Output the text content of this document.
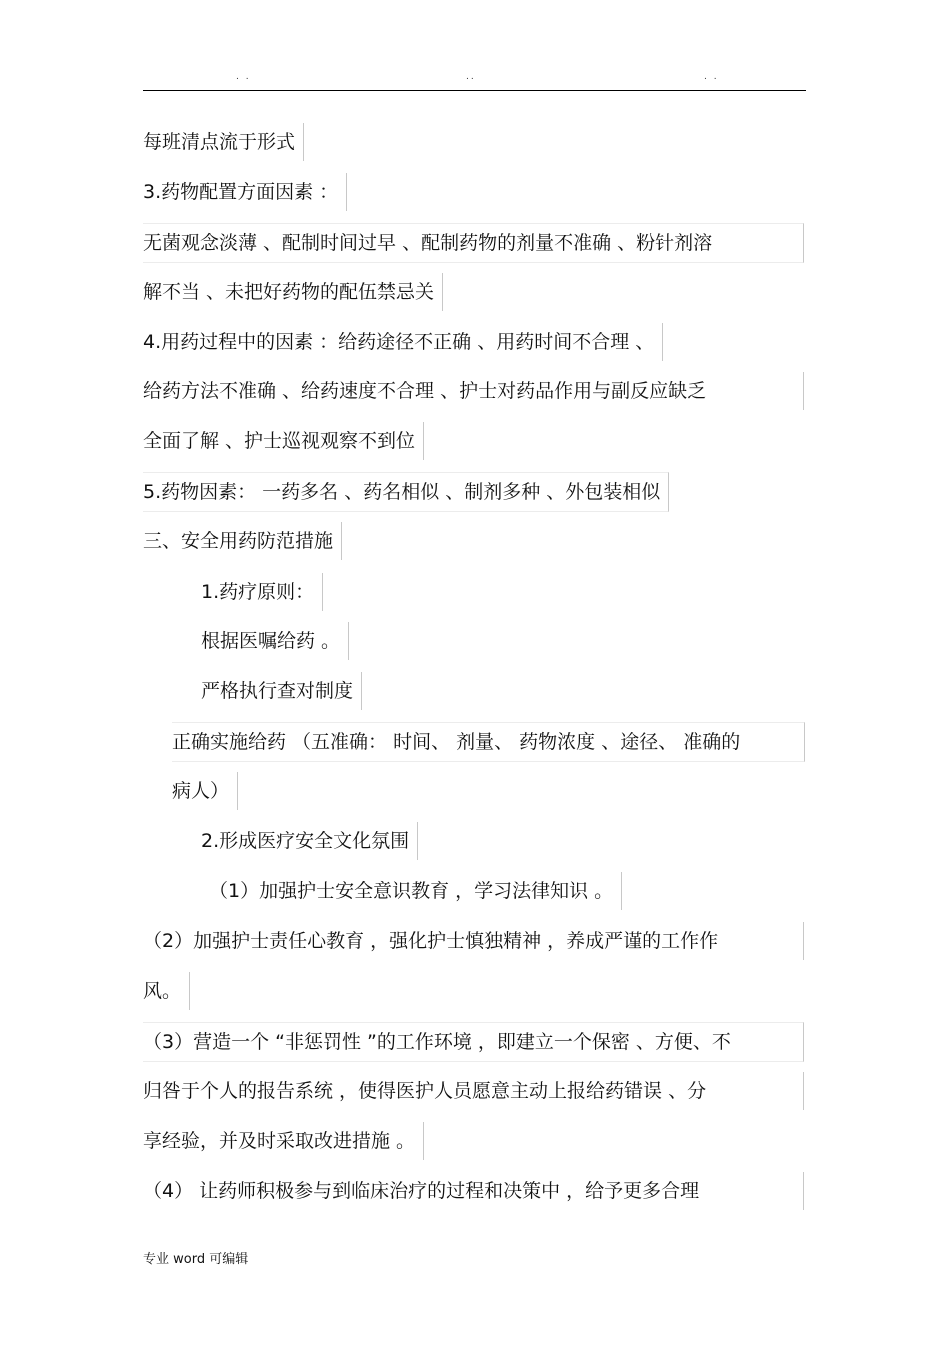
. .	..	. .
每班清点流于形式
3.药物配置方面因素 ：
无菌观念淡薄 、配制时间过早 、配制药物的剂量不准确 、粉针剂溶
解不当 、未把好药物的配伍禁忌关
4.用药过程中的因素 ：给药途径不正确 、用药时间不合理 、
给药方法不准确 、给药速度不合理 、护士对药品作用与副反应缺乏
全面了解 、护士巡视观察不到位
5.药物因素： 一药多名 、药名相似 、制剂多种 、外包装相似
三、安全用药防范措施
1.药疗原则：
根据医嘱给药 。
严格执行查对制度
正确实施给药 （五准确： 时间、 剂量、 药物浓度 、途径、 准确的
病人）
2.形成医疗安全文化氛围
（1）加强护士安全意识教育 ，学习法律知识 。
（2）加强护士责任心教育 ，强化护士慎独精神 ，养成严谨的工作作
风。
（3）营造一个 “非惩罚性 ”的工作环境 ，即建立一个保密 、方便、不
归咎于个人的报告系统 ，使得医护人员愿意主动上报给药错误 、分
享经验，并及时采取改进措施 。
（4） 让药师积极参与到临床治疗的过程和决策中 ，给予更多合理
专业 word 可编辑
